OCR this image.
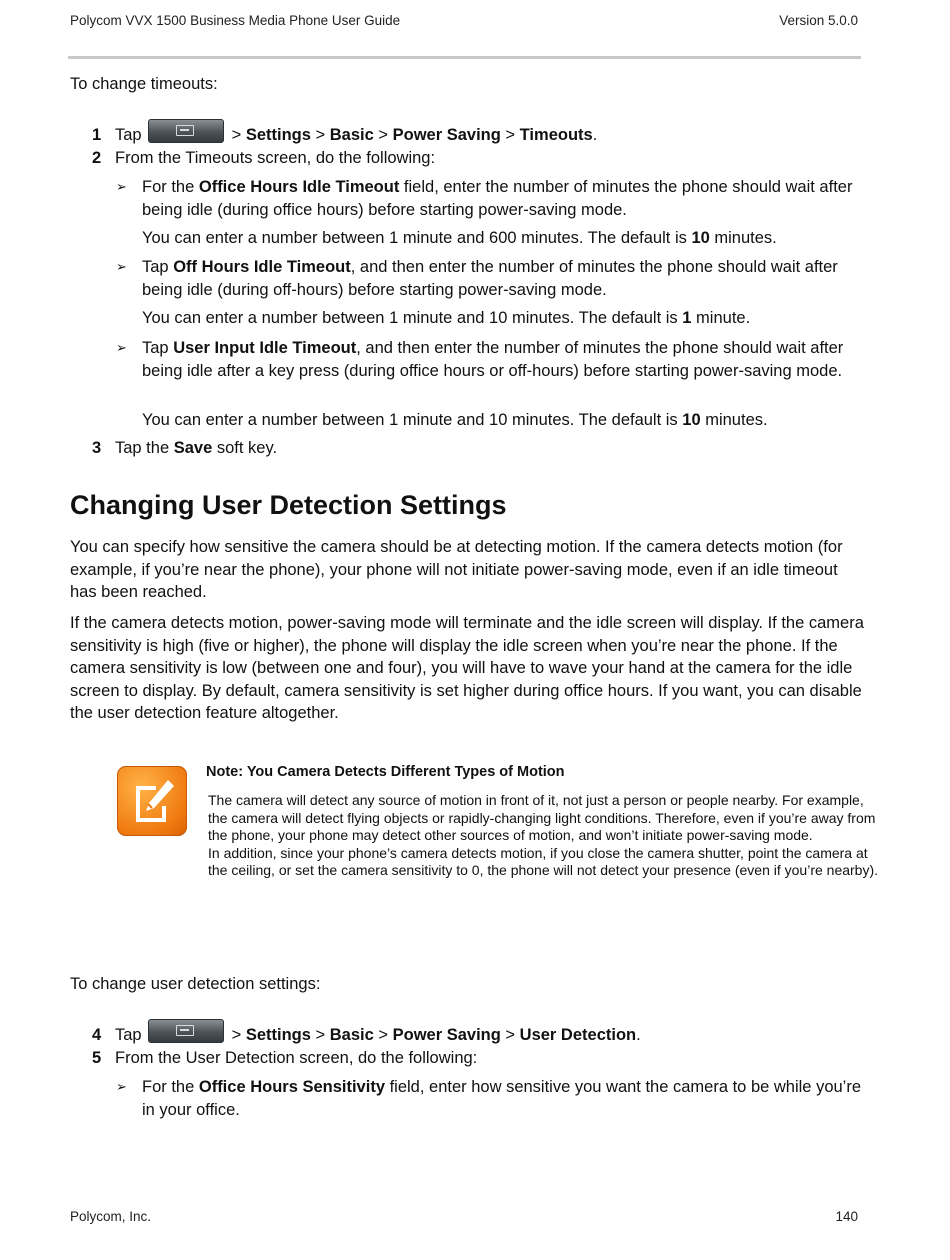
Polycom VVX 1500 Business Media Phone User Guide	Version 5.0.0

To change timeouts:

1 Tap	> Settings > Basic > Power Saving > Timeouts.
2 From the Timeouts screen, do the following:
➢ For the Office Hours Idle Timeout field, enter the number of minutes the phone should wait after being idle (during office hours) before starting power-saving mode.
You can enter a number between 1 minute and 600 minutes. The default is 10 minutes.
➢ Tap Off Hours Idle Timeout, and then enter the number of minutes the phone should wait after being idle (during off-hours) before starting power-saving mode.
You can enter a number between 1 minute and 10 minutes. The default is 1 minute.
➢ Tap User Input Idle Timeout, and then enter the number of minutes the phone should wait after being idle after a key press (during office hours or off-hours) before starting power-saving mode.
You can enter a number between 1 minute and 10 minutes. The default is 10 minutes.
3 Tap the Save soft key.
Changing User Detection Settings

You can specify how sensitive the camera should be at detecting motion. If the camera detects motion (for example, if you’re near the phone), your phone will not initiate power-saving mode, even if an idle timeout has been reached.

If the camera detects motion, power-saving mode will terminate and the idle screen will display. If the camera sensitivity is high (five or higher), the phone will display the idle screen when you’re near the phone. If the camera sensitivity is low (between one and four), you will have to wave your hand at the camera for the idle screen to display. By default, camera sensitivity is set higher during office hours. If you want, you can disable the user detection feature altogether.

Note: You Camera Detects Different Types of Motion

The camera will detect any source of motion in front of it, not just a person or people nearby. For example, the camera will detect flying objects or rapidly-changing light conditions. Therefore, even if you’re away from the phone, your phone may detect other sources of motion, and won’t initiate power-saving mode.

In addition, since your phone’s camera detects motion, if you close the camera shutter, point the camera at the ceiling, or set the camera sensitivity to 0, the phone will not detect your presence (even if you’re nearby).

To change user detection settings:

4 Tap	> Settings > Basic > Power Saving > User Detection.
5 From the User Detection screen, do the following:
➢ For the Office Hours Sensitivity field, enter how sensitive you want the camera to be while you’re in your office.
Polycom, Inc.	140
